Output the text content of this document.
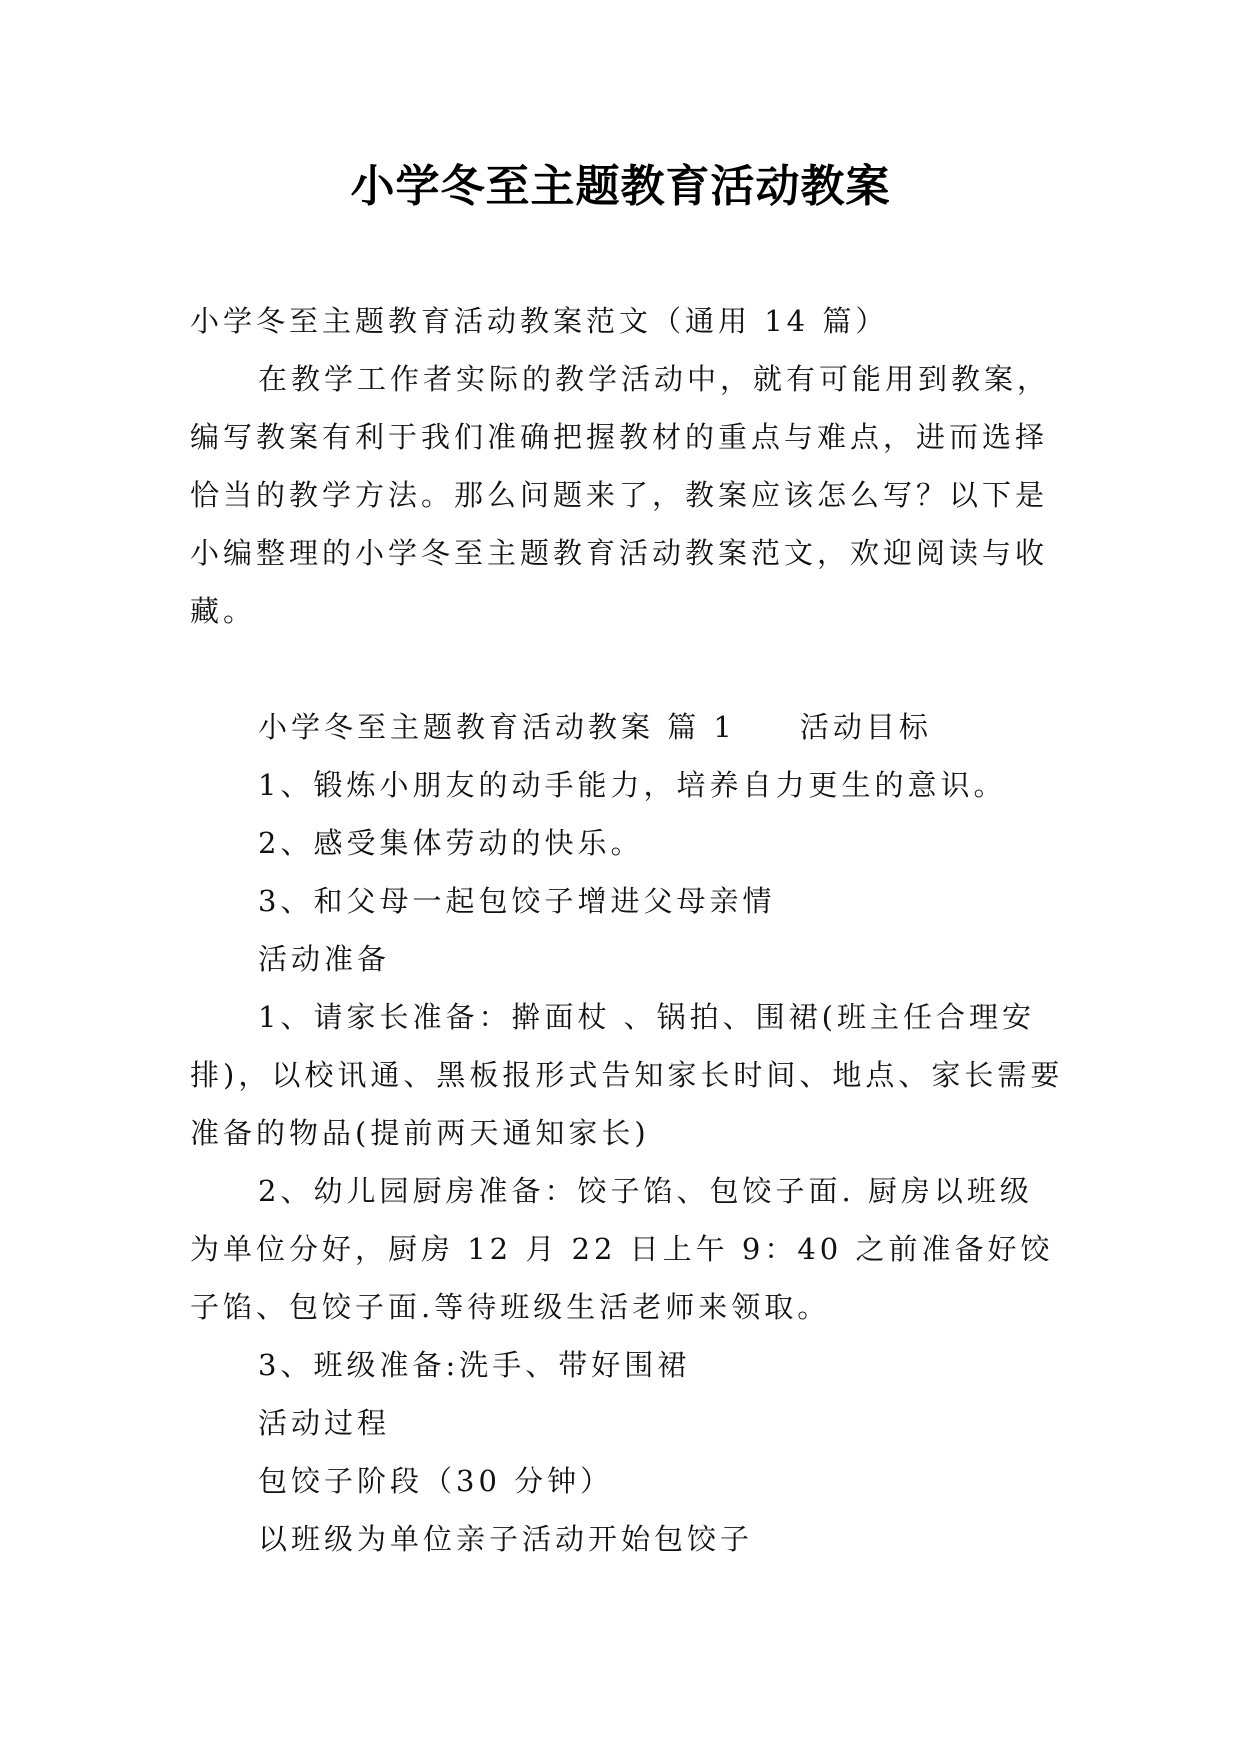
小学冬至主题教育活动教案

小学冬至主题教育活动教案范文（通用 14 篇）

在教学工作者实际的教学活动中，就有可能用到教案，编写教案有利于我们准确把握教材的重点与难点，进而选择恰当的教学方法。那么问题来了，教案应该怎么写？以下是小编整理的小学冬至主题教育活动教案范文，欢迎阅读与收藏。

小学冬至主题教育活动教案 篇 1 活动目标

1、锻炼小朋友的动手能力，培养自力更生的意识。

2、感受集体劳动的快乐。

3、和父母一起包饺子增进父母亲情

活动准备

1、请家长准备：擀面杖 、锅拍、围裙(班主任合理安排)，以校讯通、黑板报形式告知家长时间、地点、家长需要准备的物品(提前两天通知家长)

2、幼儿园厨房准备：饺子馅、包饺子面. 厨房以班级为单位分好，厨房 12 月 22 日上午 9：40 之前准备好饺子馅、包饺子面.等待班级生活老师来领取。

3、班级准备:洗手、带好围裙

活动过程

包饺子阶段（30 分钟）

以班级为单位亲子活动开始包饺子
